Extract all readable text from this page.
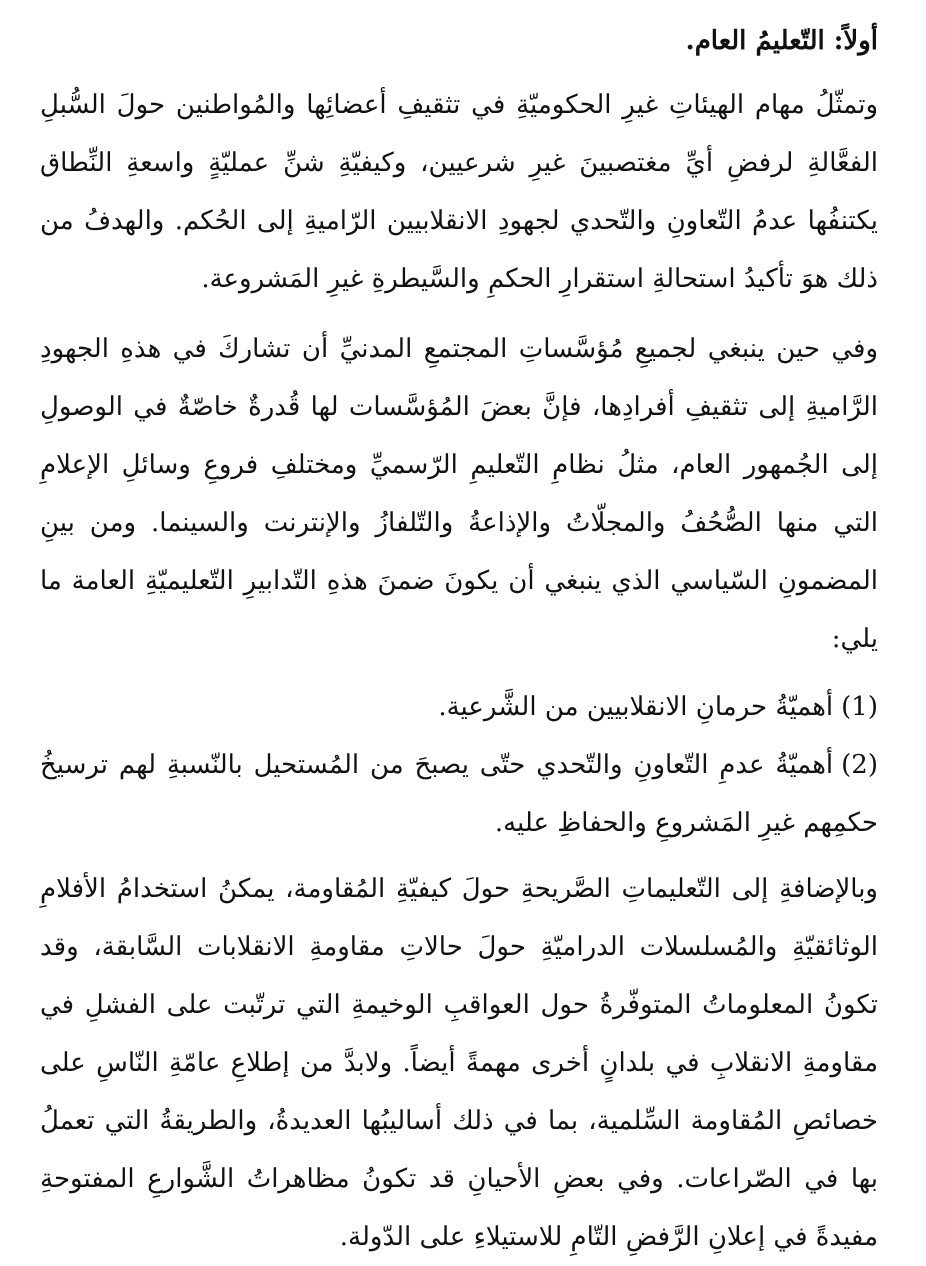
أولاً: التّعليمُ العام.

وتمثّلُ مهام الهيئاتِ غيرِ الحكوميّةِ في تثقيفِ أعضائِها والمُواطنين حولَ السُّبلِ الفعَّالةِ لرفضِ أيِّ مغتصبينَ غيرِ شرعيين، وكيفيّةِ شنِّ عمليّةٍ واسعةِ النِّطاق يكتنفُها عدمُ التّعاونِ والتّحدي لجهودِ الانقلابيين الرّاميةِ إلى الحُكم. والهدفُ من ذلك هوَ تأكيدُ استحالةِ استقرارِ الحكمِ والسَّيطرةِ غيرِ المَشروعة.

وفي حين ينبغي لجميعِ مُؤسَّساتِ المجتمعِ المدنيِّ أن تشاركَ في هذهِ الجهودِ الرَّاميةِ إلى تثقيفِ أفرادِها، فإنَّ بعضَ المُؤسَّسات لها قُدرةٌ خاصّةٌ في الوصولِ إلى الجُمهور العام، مثلُ نظامِ التّعليمِ الرّسميِّ ومختلفِ فروعِ وسائلِ الإعلامِ التي منها الصُّحُفُ والمجلّاتُ والإذاعةُ والتّلفازُ والإنترنت والسينما. ومن بينِ المضمونِ السّياسي الذي ينبغي أن يكونَ ضمنَ هذهِ التّدابيرِ التّعليميّةِ العامة ما يلي:

(1)أهميّةُ حرمانِ الانقلابيين من الشَّرعية.
(2)أهميّةُ عدمِ التّعاونِ والتّحدي حتّى يصبحَ من المُستحيل بالنّسبةِ لهم ترسيخُ حكمِهم غيرِ المَشروعِ والحفاظِ عليه.

وبالإضافةِ إلى التّعليماتِ الصَّريحةِ حولَ كيفيّةِ المُقاومة، يمكنُ استخدامُ الأفلامِ الوثائقيّةِ والمُسلسلات الدراميّةِ حولَ حالاتِ مقاومةِ الانقلابات السَّابقة، وقد تكونُ المعلوماتُ المتوفّرةُ حول العواقبِ الوخيمةِ التي ترتّبت على الفشلِ في مقاومةِ الانقلابِ في بلدانٍ أخرى مهمةً أيضاً. ولابدَّ من إطلاعِ عامّةِ النّاسِ على خصائصِ المُقاومة السِّلمية، بما في ذلك أساليبُها العديدةُ، والطريقةُ التي تعملُ بها في الصّراعات. وفي بعضِ الأحيانِ قد تكونُ مظاهراتُ الشَّوارعِ المفتوحةِ مفيدةً في إعلانِ الرَّفضِ التّامِ للاستيلاءِ على الدّولة.
